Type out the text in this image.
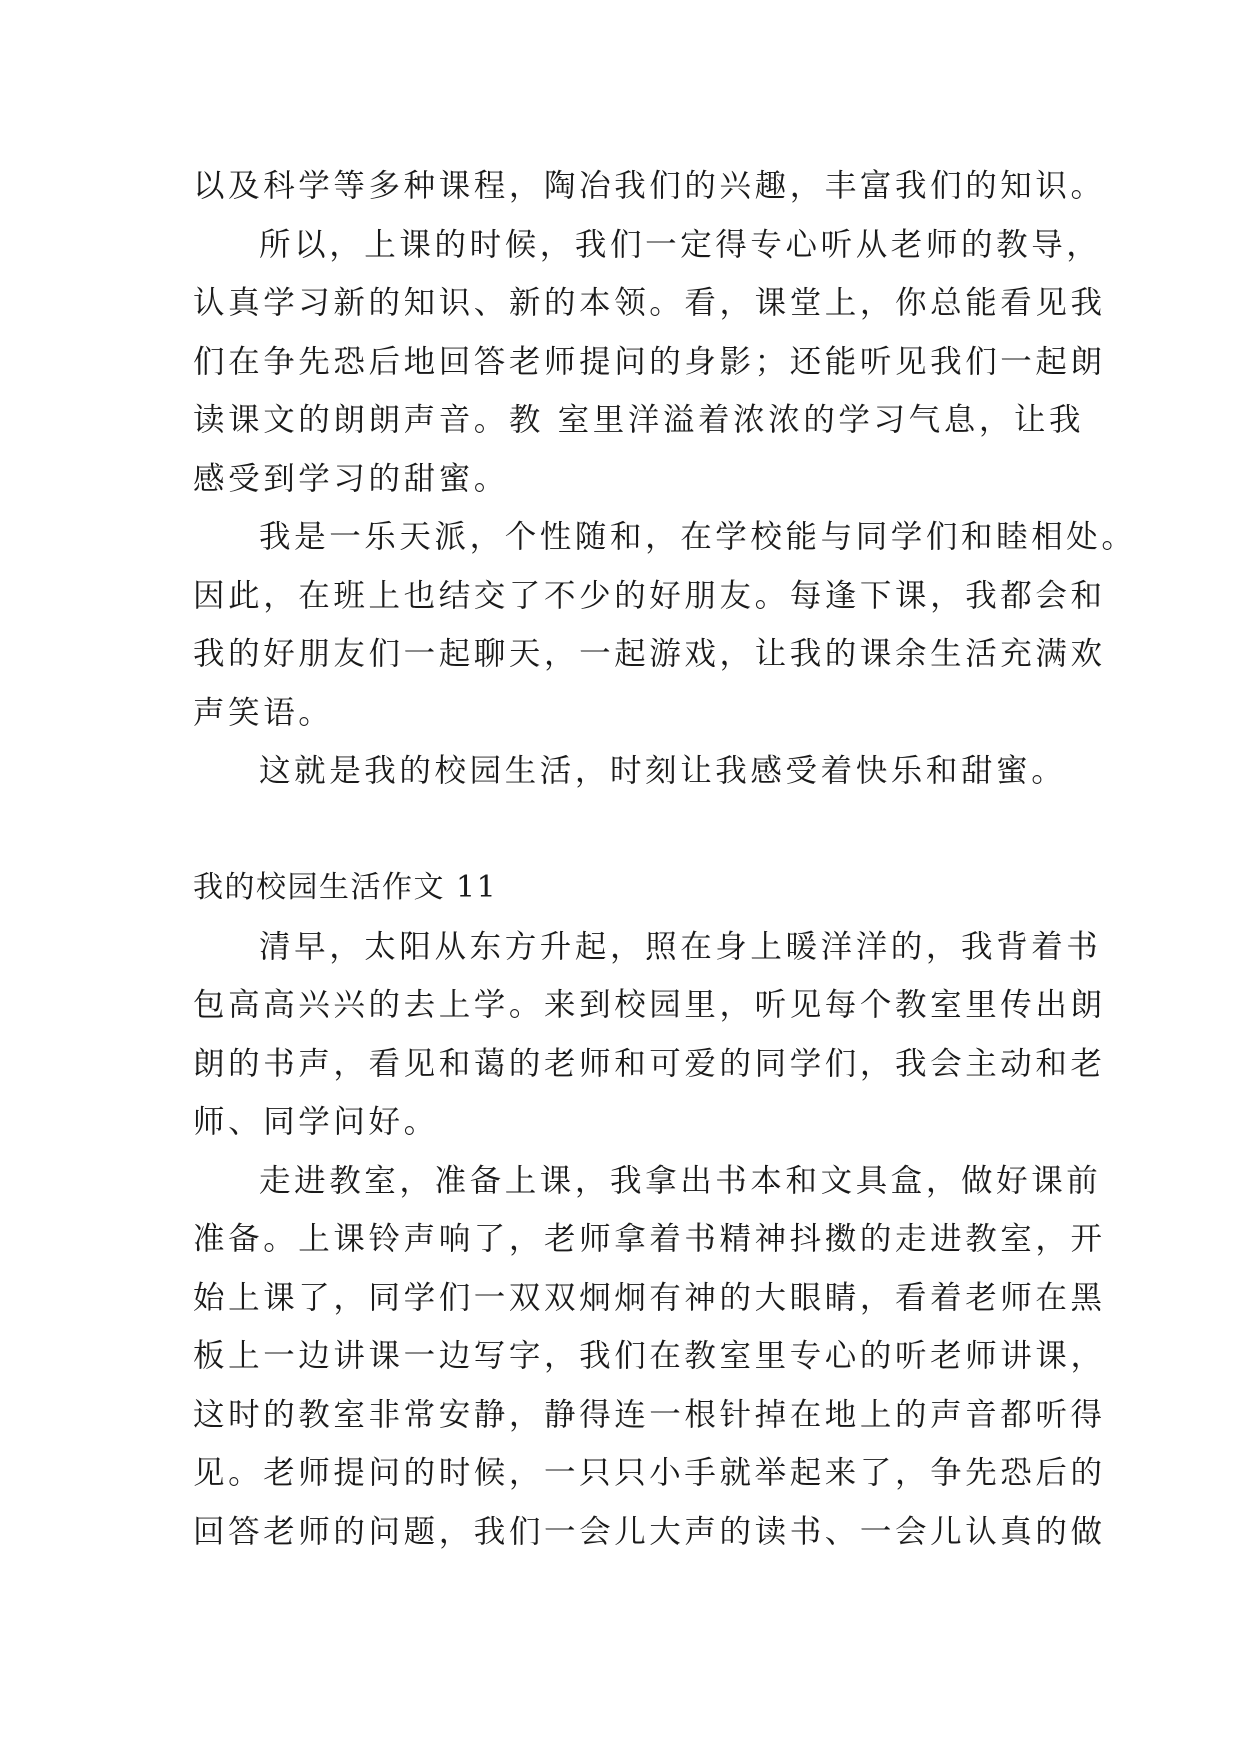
以及科学等多种课程，陶冶我们的兴趣，丰富我们的知识。
所以，上课的时候，我们一定得专心听从老师的教导，
认真学习新的知识、新的本领。看，课堂上，你总能看见我
们在争先恐后地回答老师提问的身影；还能听见我们一起朗
读课文的朗朗声音。教 室里洋溢着浓浓的学习气息，让我
感受到学习的甜蜜。
我是一乐天派，个性随和，在学校能与同学们和睦相处。
因此，在班上也结交了不少的好朋友。每逢下课，我都会和
我的好朋友们一起聊天，一起游戏，让我的课余生活充满欢
声笑语。
这就是我的校园生活，时刻让我感受着快乐和甜蜜。
我的校园生活作文 11
清早，太阳从东方升起，照在身上暖洋洋的，我背着书
包高高兴兴的去上学。来到校园里，听见每个教室里传出朗
朗的书声，看见和蔼的老师和可爱的同学们，我会主动和老
师、同学问好。
走进教室，准备上课，我拿出书本和文具盒，做好课前
准备。上课铃声响了，老师拿着书精神抖擞的走进教室，开
始上课了，同学们一双双炯炯有神的大眼睛，看着老师在黑
板上一边讲课一边写字，我们在教室里专心的听老师讲课，
这时的教室非常安静，静得连一根针掉在地上的声音都听得
见。老师提问的时候，一只只小手就举起来了，争先恐后的
回答老师的问题，我们一会儿大声的读书、一会儿认真的做
